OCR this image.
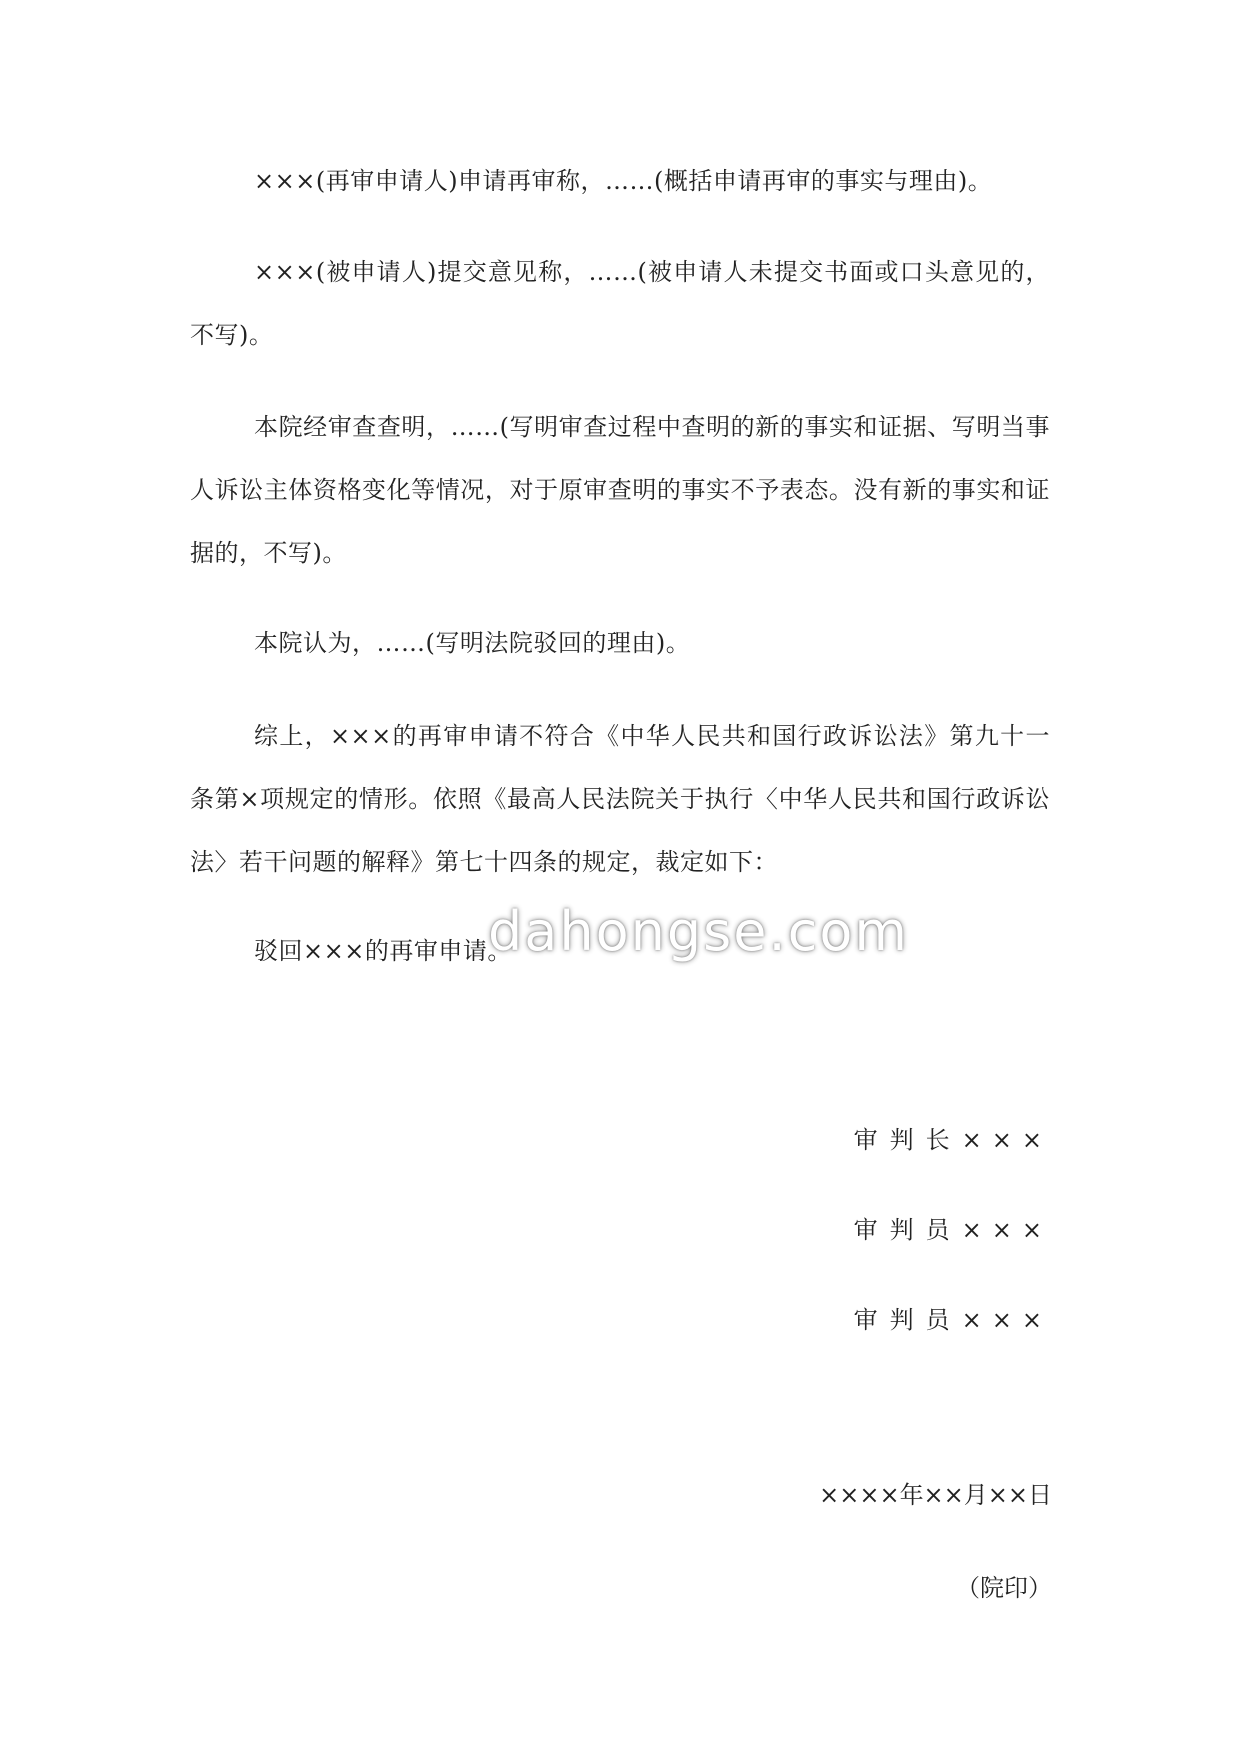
×××(再审申请人)申请再审称，……(概括申请再审的事实与理由)。

×××(被申请人)提交意见称，……(被申请人未提交书面或口头意见的，不写)。

本院经审查查明，……(写明审查过程中查明的新的事实和证据、写明当事人诉讼主体资格变化等情况，对于原审查明的事实不予表态。没有新的事实和证据的，不写)。

本院认为，……(写明法院驳回的理由)。

综上，×××的再审申请不符合《中华人民共和国行政诉讼法》第九十一条第×项规定的情形。依照《最高人民法院关于执行〈中华人民共和国行政诉讼法〉若干问题的解释》第七十四条的规定，裁定如下：

驳回×××的再审申请。

审判长×××
审判员×××
审判员×××
××××年××月××日
（院印）
dahongse.com
